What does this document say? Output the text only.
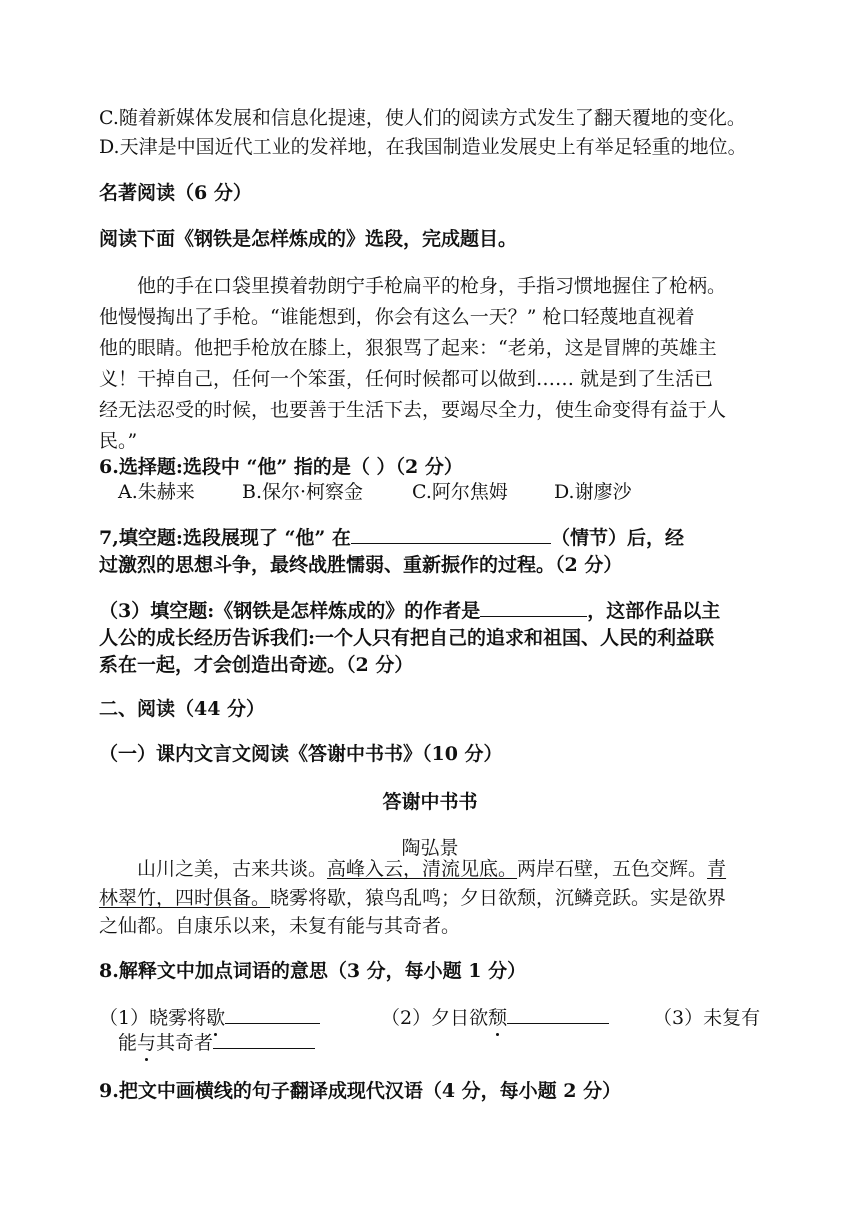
C.随着新媒体发展和信息化提速，使人们的阅读方式发生了翻天覆地的变化。
D.天津是中国近代工业的发祥地，在我国制造业发展史上有举足轻重的地位。
名著阅读（6 分）
阅读下面《钢铁是怎样炼成的》选段，完成题目。
他的手在口袋里摸着勃朗宁手枪扁平的枪身，手指习惯地握住了枪柄。
他慢慢掏出了手枪。“谁能想到，你会有这么一天？” 枪口轻蔑地直视着
他的眼睛。他把手枪放在膝上，狠狠骂了起来：“老弟，这是冒牌的英雄主
义！干掉自己，任何一个笨蛋，任何时候都可以做到…… 就是到了生活已
经无法忍受的时候，也要善于生活下去，要竭尽全力，使生命变得有益于人
民。”
6.选择题:选段中 “他” 指的是（ ）（2 分）
A.朱赫来 B.保尔·柯察金	C.阿尔焦姆 D.谢廖沙
7,填空题:选段展现了 “他” 在	（情节）后，经
过激烈的思想斗争，最终战胜懦弱、重新振作的过程。（2 分）
（3）填空题:《钢铁是怎样炼成的》的作者是	，这部作品以主
人公的成长经历告诉我们:一个人只有把自己的追求和祖国、人民的利益联
系在一起，才会创造出奇迹。（2 分）
二、阅读（44 分）
（一）课内文言文阅读《答谢中书书》（10 分）
答谢中书书
陶弘景
山川之美，古来共谈。高峰入云，清流见底。两岸石壁，五色交辉。青
林翠竹，四时俱备。晓雾将歇，猿鸟乱鸣；夕日欲颓，沉鳞竞跃。实是欲界
之仙都。自康乐以来，未复有能与其奇者。
8.解释文中加点词语的意思（3 分，每小题 1 分）
（1）晓雾将歇	（2）夕日欲颓	（3）未复有
能与其奇者
9.把文中画横线的句子翻译成现代汉语（4 分，每小题 2 分）
